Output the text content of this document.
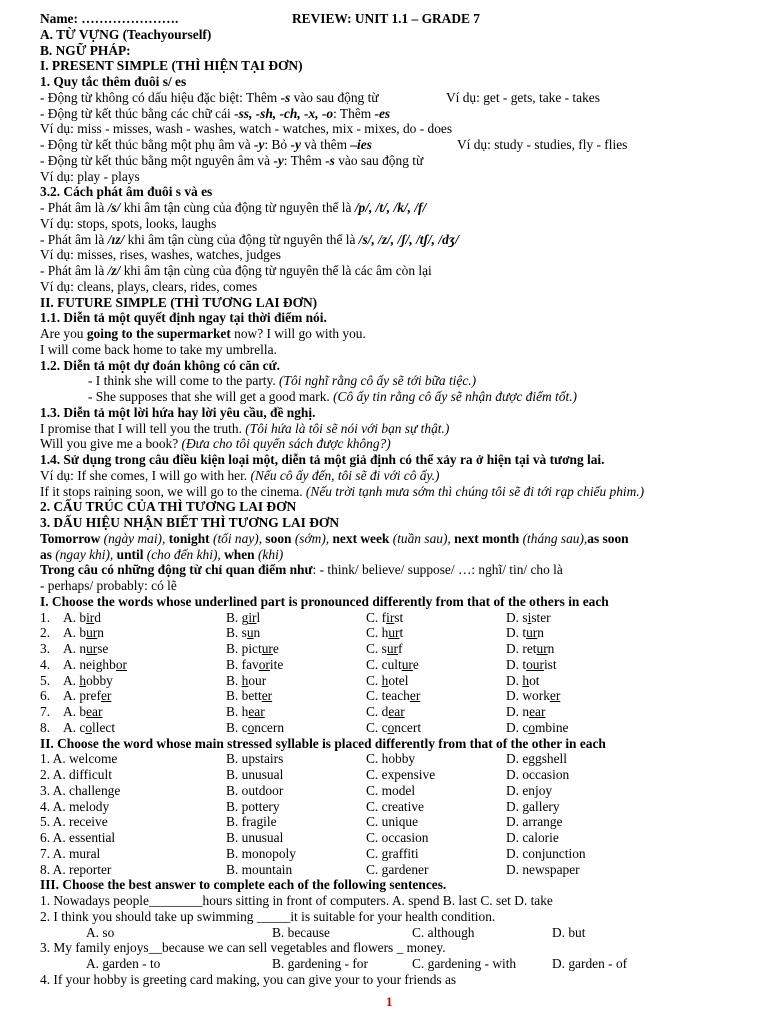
Name: ………………….	REVIEW: UNIT 1.1 – GRADE 7
A. TỪ VỰNG (Teachyourself)
B. NGỮ PHÁP:
I. PRESENT SIMPLE (THÌ HIỆN TẠI ĐƠN)
1. Quy tắc thêm đuôi s/ es
- Động từ không có dấu hiệu đặc biệt: Thêm -s vào sau động từ	Ví dụ: get - gets, take - takes
- Động từ kết thúc bằng các chữ cái -ss, -sh, -ch, -x, -o: Thêm -es
Ví dụ: miss - misses, wash - washes, watch - watches, mix - mixes, do - does
- Động từ kết thúc bằng một phụ âm và -y: Bỏ -y và thêm –ies	Ví dụ: study - studies, fly - flies
- Động từ kết thúc bằng một nguyên âm và -y: Thêm -s vào sau động từ
Ví dụ: play - plays
3.2. Cách phát âm đuôi s và es
- Phát âm là /s/ khi âm tận cùng của động từ nguyên thể là /p/, /t/, /k/, /f/
Ví dụ: stops, spots, looks, laughs
- Phát âm là /ɪz/ khi âm tận cùng của động từ nguyên thể là /s/, /z/, /ʃ/, /tʃ/, /dʒ/
Ví dụ: misses, rises, washes, watches, judges
- Phát âm là /z/ khi âm tận cùng của động từ nguyên thể là các âm còn lại
Ví dụ: cleans, plays, clears, rides, comes
II. FUTURE SIMPLE (THÌ TƯƠNG LAI ĐƠN)
1.1. Diễn tả một quyết định ngay tại thời điểm nói.
Are you going to the supermarket now? I will go with you.
I will come back home to take my umbrella.
1.2. Diễn tả một dự đoán không có căn cứ.
- I think she will come to the party. (Tôi nghĩ rằng cô ấy sẽ tới bữa tiệc.)
- She supposes that she will get a good mark. (Cô ấy tin rằng cô ấy sẽ nhận được điểm tốt.)
1.3. Diễn tả một lời hứa hay lời yêu cầu, đề nghị.
I promise that I will tell you the truth. (Tôi hứa là tôi sẽ nói với bạn sự thật.)
Will you give me a book? (Đưa cho tôi quyển sách được không?)
1.4. Sử dụng trong câu điều kiện loại một, diễn tả một giả định có thể xảy ra ở hiện tại và tương lai.
Ví dụ: If she comes, I will go with her. (Nếu cô ấy đến, tôi sẽ đi với cô ấy.)
If it stops raining soon, we will go to the cinema. (Nếu trời tạnh mưa sớm thì chúng tôi sẽ đi tới rạp chiếu phim.)
2. CẤU TRÚC CỦA THÌ TƯƠNG LAI ĐƠN
3. DẤU HIỆU NHẬN BIẾT THÌ TƯƠNG LAI ĐƠN
Tomorrow (ngày mai), tonight (tối nay), soon (sớm), next week (tuần sau), next month (tháng sau),as soon
as (ngay khi), until (cho đến khi), when (khi)
Trong câu có những động từ chỉ quan điểm như: - think/ believe/ suppose/ …: nghĩ/ tin/ cho là
- perhaps/ probably: có lẽ
I. Choose the words whose underlined part is pronounced differently from that of the others in each
1. A. bird	B. girl	C. first	D. sister
2. A. burn	B. sun	C. hurt	D. turn
3. A. nurse	B. picture	C. surf	D. return
4. A. neighbor	B. favorite	C. culture	D. tourist
5. A. hobby	B. hour	C. hotel	D. hot
6. A. prefer	B. better	C. teacher	D. worker
7. A. bear	B. hear	C. dear	D. near
8. A. collect	B. concern	C. concert	D. combine
II. Choose the word whose main stressed syllable is placed differently from that of the other in each
1. A. welcome	B. upstairs	C. hobby	D. eggshell
2. A. difficult	B. unusual	C. expensive	D. occasion
3. A. challenge	B. outdoor	C. model	D. enjoy
4. A. melody	B. pottery	C. creative	D. gallery
5. A. receive	B. fragile	C. unique	D. arrange
6. A. essential	B. unusual	C. occasion	D. calorie
7. A. mural	B. monopoly	C. graffiti	D. conjunction
8. A. reporter	B. mountain	C. gardener	D. newspaper
III. Choose the best answer to complete each of the following sentences.
1. Nowadays people________hours sitting in front of computers. A. spend B. last C. set D. take
2. I think you should take up swimming _____it is suitable for your health condition.
A. so	B. because	C. although	D. but
3. My family enjoys__because we can sell vegetables and flowers _ money.
A. garden - to	B. gardening - for	C. gardening - with	D. garden - of
4. If your hobby is greeting card making, you can give your to your friends as
1
